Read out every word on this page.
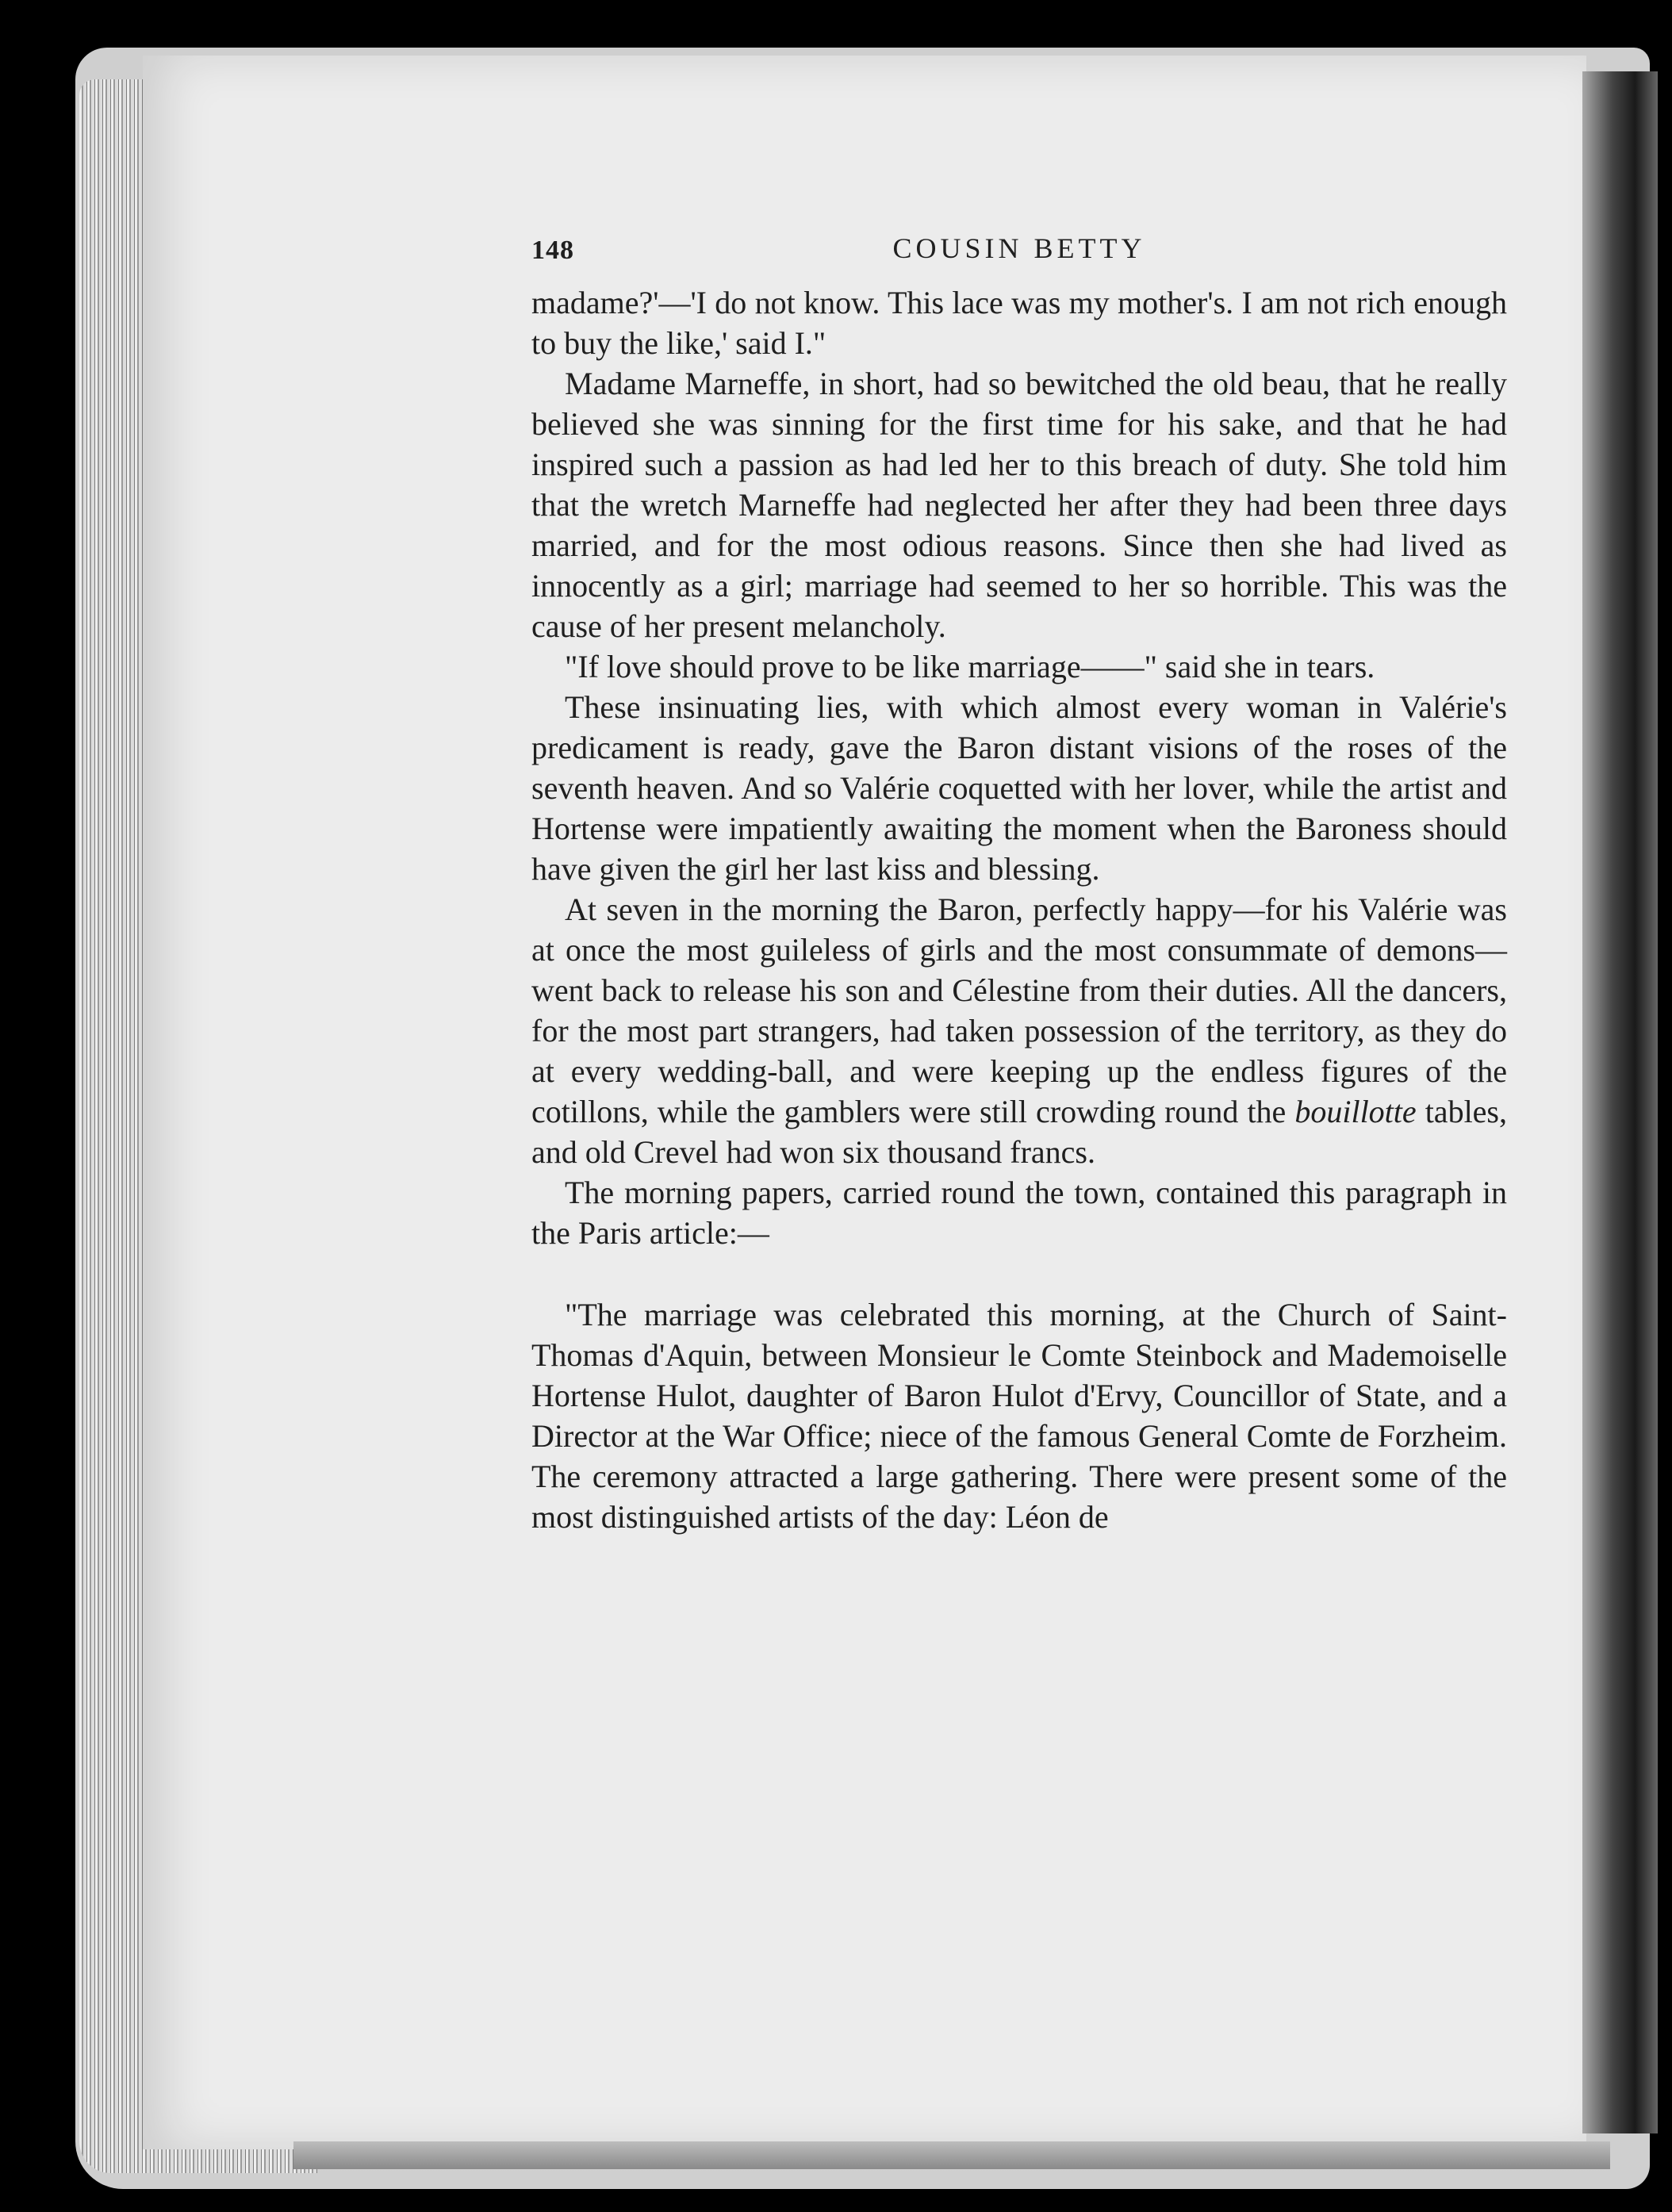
148	COUSIN BETTY

madame?'—'I do not know. This lace was my mother's. I am not rich enough to buy the like,' said I."

Madame Marneffe, in short, had so bewitched the old beau, that he really believed she was sinning for the first time for his sake, and that he had inspired such a passion as had led her to this breach of duty. She told him that the wretch Marneffe had neglected her after they had been three days married, and for the most odious reasons. Since then she had lived as innocently as a girl; marriage had seemed to her so horrible. This was the cause of her present melancholy.

"If love should prove to be like marriage——" said she in tears.

These insinuating lies, with which almost every woman in Valérie's predicament is ready, gave the Baron distant visions of the roses of the seventh heaven. And so Valérie coquetted with her lover, while the artist and Hortense were impatiently awaiting the moment when the Baroness should have given the girl her last kiss and blessing.

At seven in the morning the Baron, perfectly happy—for his Valérie was at once the most guileless of girls and the most consummate of demons—went back to release his son and Célestine from their duties. All the dancers, for the most part strangers, had taken possession of the territory, as they do at every wedding-ball, and were keeping up the endless figures of the cotillons, while the gamblers were still crowding round the bouillotte tables, and old Crevel had won six thousand francs.

The morning papers, carried round the town, contained this paragraph in the Paris article:—

"The marriage was celebrated this morning, at the Church of Saint-Thomas d'Aquin, between Monsieur le Comte Steinbock and Mademoiselle Hortense Hulot, daughter of Baron Hulot d'Ervy, Councillor of State, and a Director at the War Office; niece of the famous General Comte de Forzheim. The ceremony attracted a large gathering. There were present some of the most distinguished artists of the day: Léon de
